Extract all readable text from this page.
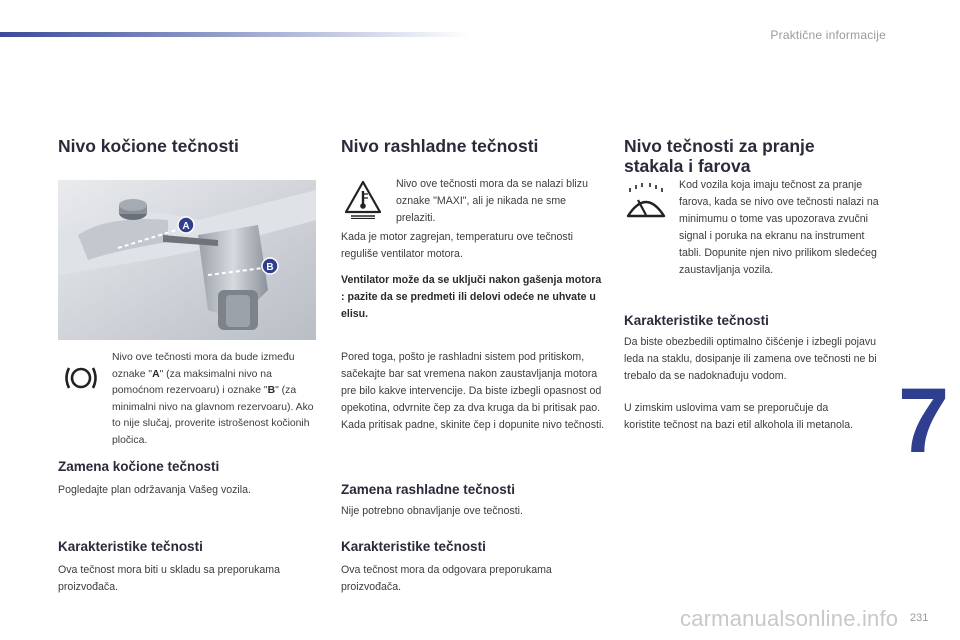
Praktične informacije
Nivo kočione tečnosti
A
B

Nivo ove tečnosti mora da bude između oznake "A" (za maksimalni nivo na pomoćnom rezervoaru) i oznake "B" (za minimalni nivo na glavnom rezervoaru). Ako to nije slučaj, proverite istrošenost kočionih pločica.

Zamena kočione tečnosti

Pogledajte plan održavanja Vašeg vozila.

Karakteristike tečnosti

Ova tečnost mora biti u skladu sa preporukama proizvođača.

Nivo rashladne tečnosti

Nivo ove tečnosti mora da se nalazi blizu oznake "MAXI", ali je nikada ne sme prelaziti.

Kada je motor zagrejan, temperaturu ove tečnosti reguliše ventilator motora.

Ventilator može da se uključi nakon gašenja motora : pazite da se predmeti ili delovi odeće ne uhvate u elisu.

Pored toga, pošto je rashladni sistem pod pritiskom, sačekajte bar sat vremena nakon zaustavljanja motora pre bilo kakve intervencije. Da biste izbegli opasnost od opekotina, odvrnite čep za dva kruga da bi pritisak pao. Kada pritisak padne, skinite čep i dopunite nivo tečnosti.

Zamena rashladne tečnosti

Nije potrebno obnavljanje ove tečnosti.

Karakteristike tečnosti

Ova tečnost mora da odgovara preporukama proizvođača.

Nivo tečnosti za pranje
stakala i farova

Kod vozila koja imaju tečnost za pranje farova, kada se nivo ove tečnosti nalazi na minimumu o tome vas upozorava zvučni signal i poruka na ekranu na instrument tabli. Dopunite njen nivo prilikom sledećeg zaustavljanja vozila.

Karakteristike tečnosti

Da biste obezbedili optimalno čišćenje i izbegli pojavu leda na staklu, dosipanje ili zamena ove tečnosti ne bi trebalo da se nadoknađuju vodom.

U zimskim uslovima vam se preporučuje da koristite tečnost na bazi etil alkohola ili metanola. 7
carmanualsonline.info 231
